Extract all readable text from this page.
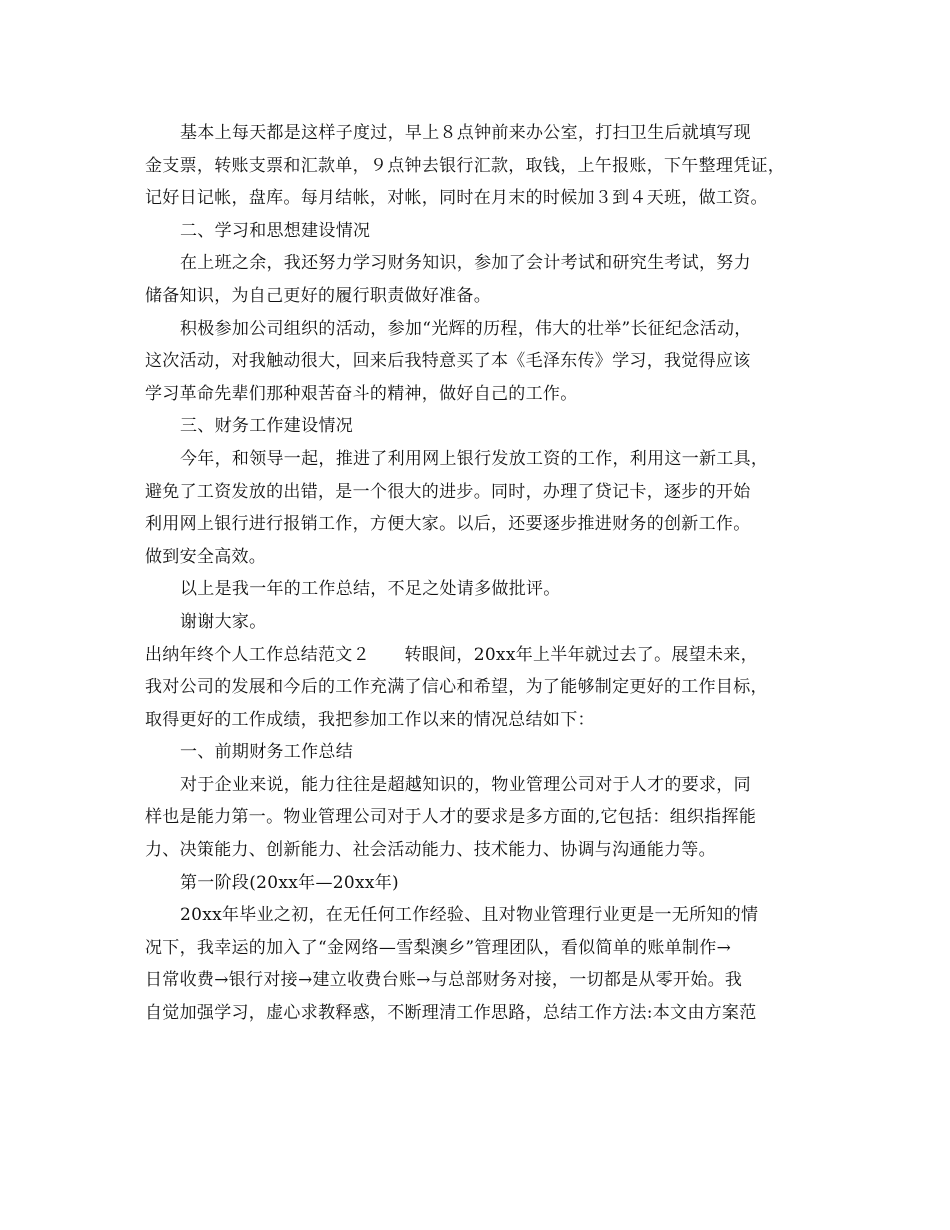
基本上每天都是这样子度过，早上８点钟前来办公室，打扫卫生后就填写现
金支票，转账支票和汇款单，９点钟去银行汇款，取钱，上午报账，下午整理凭证，
记好日记帐，盘库。每月结帐，对帐，同时在月末的时候加３到４天班，做工资。
二、学习和思想建设情况
在上班之余，我还努力学习财务知识，参加了会计考试和研究生考试，努力
储备知识，为自己更好的履行职责做好准备。
积极参加公司组织的活动，参加“光辉的历程，伟大的壮举”长征纪念活动，
这次活动，对我触动很大，回来后我特意买了本《毛泽东传》学习，我觉得应该
学习革命先辈们那种艰苦奋斗的精神，做好自己的工作。
三、财务工作建设情况
今年，和领导一起，推进了利用网上银行发放工资的工作，利用这一新工具，
避免了工资发放的出错，是一个很大的进步。同时，办理了贷记卡，逐步的开始
利用网上银行进行报销工作，方便大家。以后，还要逐步推进财务的创新工作。
做到安全高效。
以上是我一年的工作总结，不足之处请多做批评。
谢谢大家。
出纳年终个人工作总结范文２　　转眼间，20xx年上半年就过去了。展望未来，
我对公司的发展和今后的工作充满了信心和希望，为了能够制定更好的工作目标，
取得更好的工作成绩，我把参加工作以来的情况总结如下：
一、前期财务工作总结
对于企业来说，能力往往是超越知识的，物业管理公司对于人才的要求，同
样也是能力第一。物业管理公司对于人才的要求是多方面的,它包括：组织指挥能
力、决策能力、创新能力、社会活动能力、技术能力、协调与沟通能力等。
第一阶段(20xx年—20xx年)
20xx年毕业之初，在无任何工作经验、且对物业管理行业更是一无所知的情
况下，我幸运的加入了“金网络—雪梨澳乡”管理团队，看似简单的账单制作→
日常收费→银行对接→建立收费台账→与总部财务对接，一切都是从零开始。我
自觉加强学习，虚心求教释惑，不断理清工作思路，总结工作方法:本文由方案范
